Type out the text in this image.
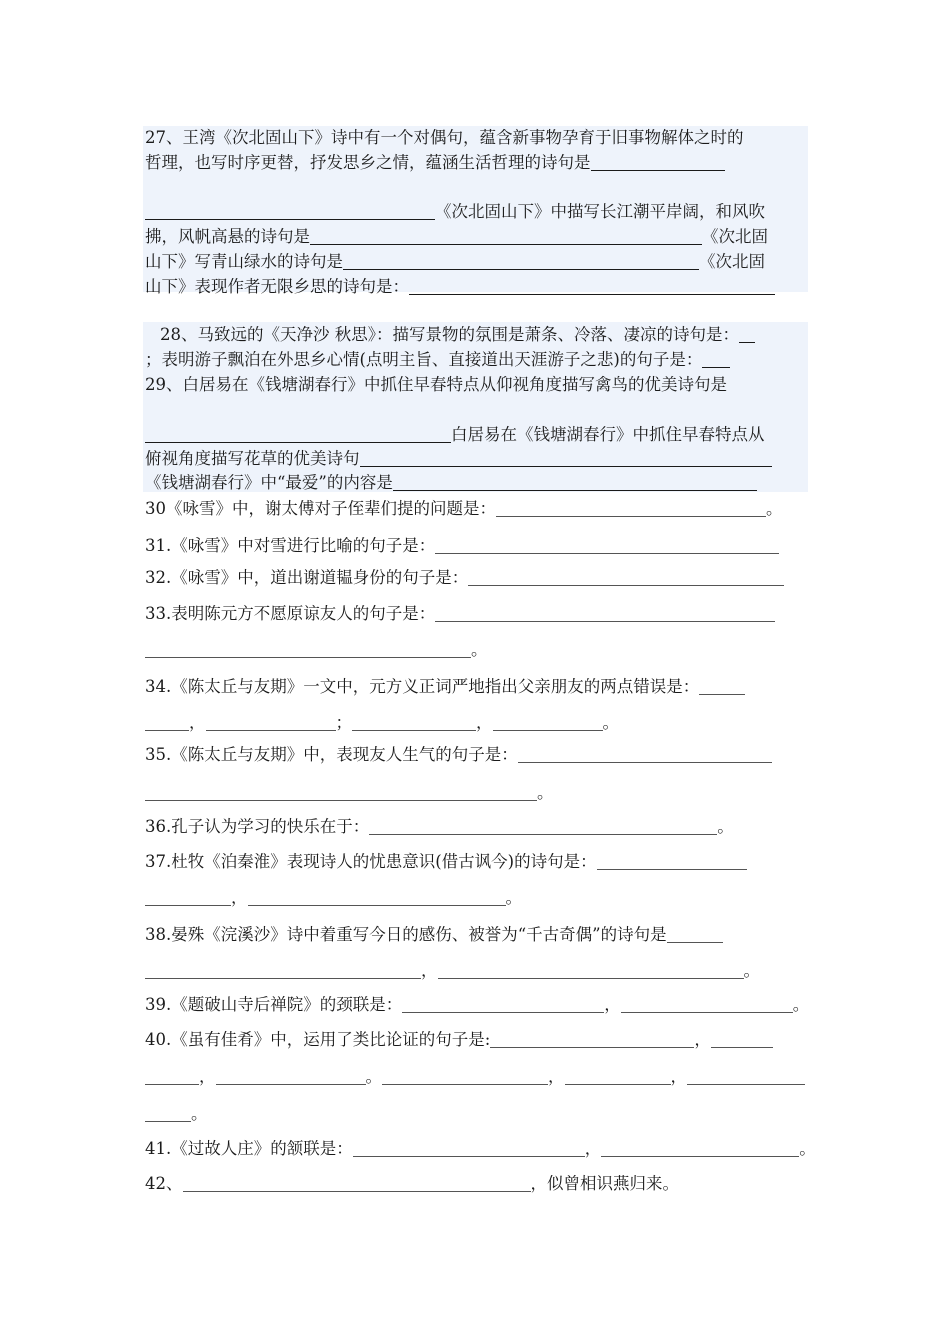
27、王湾《次北固山下》诗中有一个对偶句，蕴含新事物孕育于旧事物解体之时的
哲理，也写时序更替，抒发思乡之情，蕴涵生活哲理的诗句是
《次北固山下》中描写长江潮平岸阔，和风吹
拂，风帆高悬的诗句是	《次北固
山下》写青山绿水的诗句是	《次北固
山下》表现作者无限乡思的诗句是：
28、马致远的《天净沙 秋思》：描写景物的氛围是萧条、冷落、凄凉的诗句是：
；表明游子飘泊在外思乡心情(点明主旨、直接道出天涯游子之悲)的句子是：
29、白居易在《钱塘湖春行》中抓住早春特点从仰视角度描写禽鸟的优美诗句是
白居易在《钱塘湖春行》中抓住早春特点从
俯视角度描写花草的优美诗句
《钱塘湖春行》中“最爱”的内容是
30《咏雪》中，谢太傅对子侄辈们提的问题是：	。
31.《咏雪》中对雪进行比喻的句子是：
32.《咏雪》中，道出谢道韫身份的句子是：
33.表明陈元方不愿原谅友人的句子是：
。
34.《陈太丘与友期》一文中，元方义正词严地指出父亲朋友的两点错误是：
，	；	，	。
35.《陈太丘与友期》中，表现友人生气的句子是：
。
36.孔子认为学习的快乐在于：	。
37.杜牧《泊秦淮》表现诗人的忧患意识(借古讽今)的诗句是：
，	。
38.晏殊《浣溪沙》诗中着重写今日的感伤、被誉为“千古奇偶”的诗句是
，	。
39.《题破山寺后禅院》的颈联是：	，	。
40.《虽有佳肴》中，运用了类比论证的句子是:	，
，	。	，	，
。
41.《过故人庄》的颔联是：	，	。
42、	，似曾相识燕归来。
